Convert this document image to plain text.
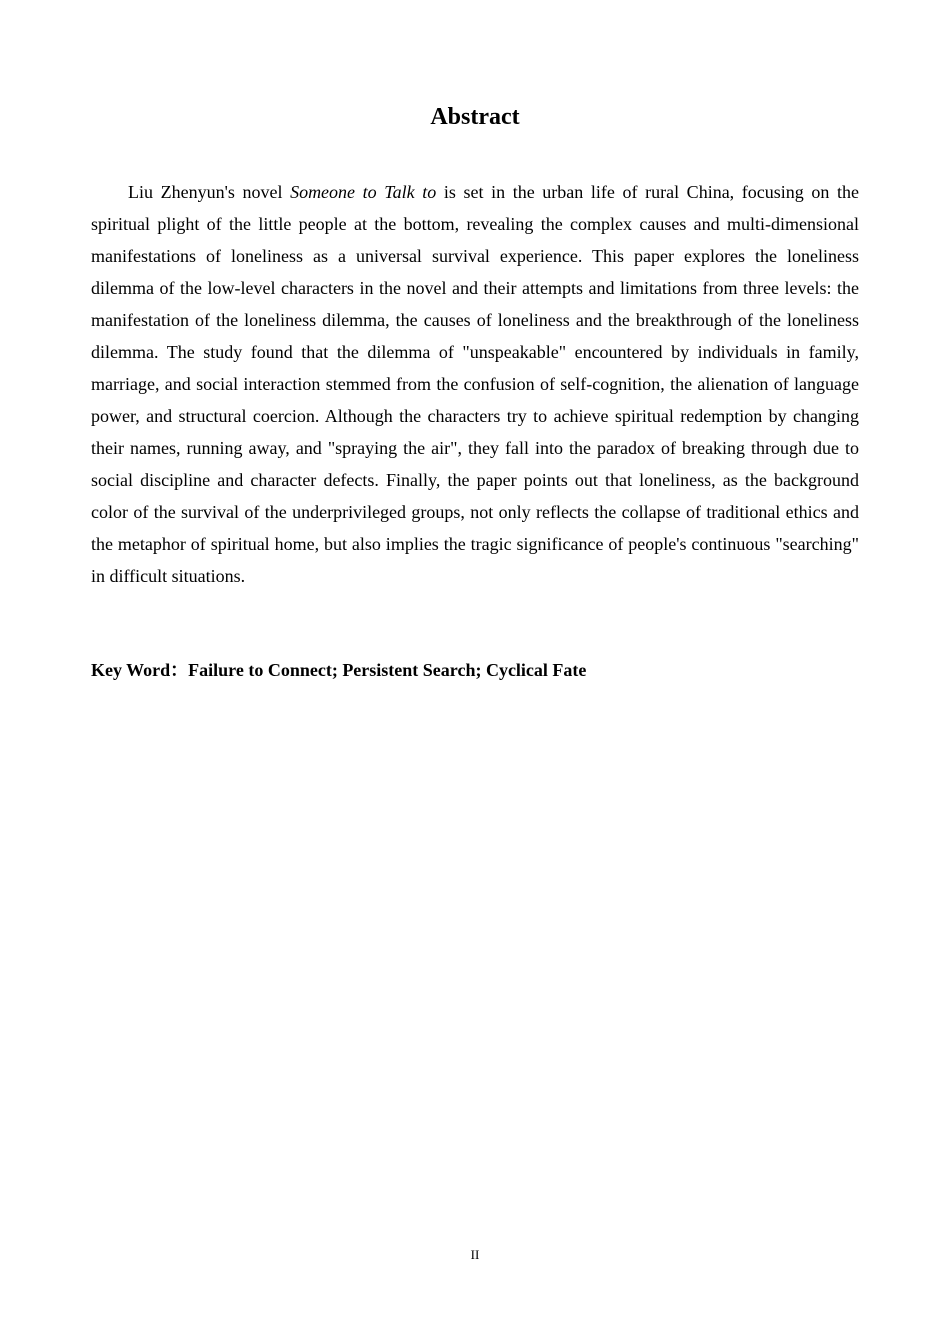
Abstract

Liu Zhenyun's novel Someone to Talk to is set in the urban life of rural China, focusing on the spiritual plight of the little people at the bottom, revealing the complex causes and multi-dimensional manifestations of loneliness as a universal survival experience. This paper explores the loneliness dilemma of the low-level characters in the novel and their attempts and limitations from three levels: the manifestation of the loneliness dilemma, the causes of loneliness and the breakthrough of the loneliness dilemma. The study found that the dilemma of "unspeakable" encountered by individuals in family, marriage, and social interaction stemmed from the confusion of self-cognition, the alienation of language power, and structural coercion. Although the characters try to achieve spiritual redemption by changing their names, running away, and "spraying the air", they fall into the paradox of breaking through due to social discipline and character defects. Finally, the paper points out that loneliness, as the background color of the survival of the underprivileged groups, not only reflects the collapse of traditional ethics and the metaphor of spiritual home, but also implies the tragic significance of people's continuous "searching" in difficult situations.

Key Word：Failure to Connect; Persistent Search; Cyclical Fate
II
